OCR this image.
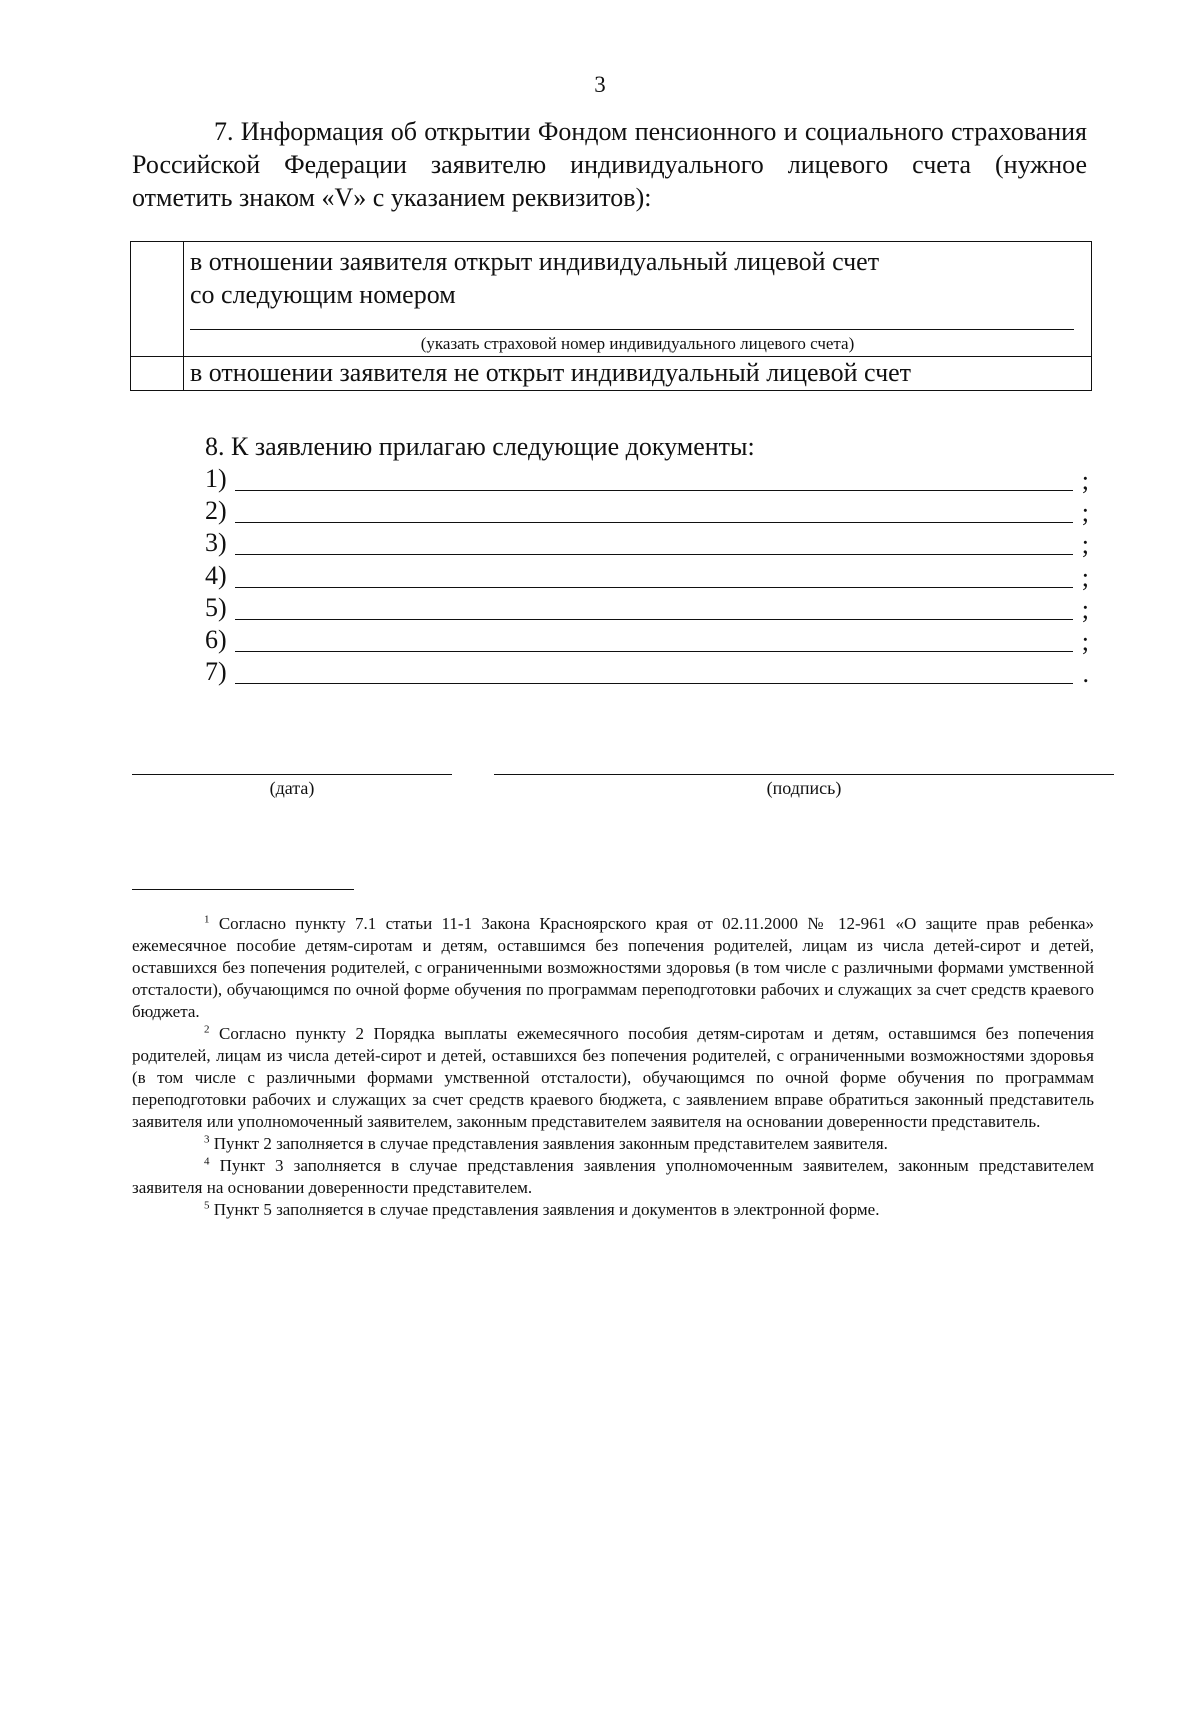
3
7. Информация об открытии Фондом пенсионного и социального страхования Российской Федерации заявителю индивидуального лицевого счета (нужное отметить знаком «V» с указанием реквизитов):

	в отношении заявителя открыт индивидуальный лицевой счет
со следующим номером
(указать страховой номер индивидуального лицевого счета)

	в отношении заявителя не открыт индивидуальный лицевой счет
8. К заявлению прилагаю следующие документы:
1)	;
2)	;
3)	;
4)	;
5)	;
6)	;
7)	.
(дата)	(подпись)

$^1$ Согласно пункту 7.1 статьи 11-1 Закона Красноярского края от 02.11.2000 № 12-961 «О защите прав ребенка» ежемесячное пособие детям-сиротам и детям, оставшимся без попечения родителей, лицам из числа детей-сирот и детей, оставшихся без попечения родителей, с ограниченными возможностями здоровья (в том числе с различными формами умственной отсталости), обучающимся по очной форме обучения по программам переподготовки рабочих и служащих за счет средств краевого бюджета.

$^2$ Согласно пункту 2 Порядка выплаты ежемесячного пособия детям-сиротам и детям, оставшимся без попечения родителей, лицам из числа детей-сирот и детей, оставшихся без попечения родителей, с ограниченными возможностями здоровья (в том числе с различными формами умственной отсталости), обучающимся по очной форме обучения по программам переподготовки рабочих и служащих за счет средств краевого бюджета, с заявлением вправе обратиться законный представитель заявителя или уполномоченный заявителем, законным представителем заявителя на основании доверенности представитель.

$^3$ Пункт 2 заполняется в случае представления заявления законным представителем заявителя.

$^4$ Пункт 3 заполняется в случае представления заявления уполномоченным заявителем, законным представителем заявителя на основании доверенности представителем.

$^5$ Пункт 5 заполняется в случае представления заявления и документов в электронной форме.
